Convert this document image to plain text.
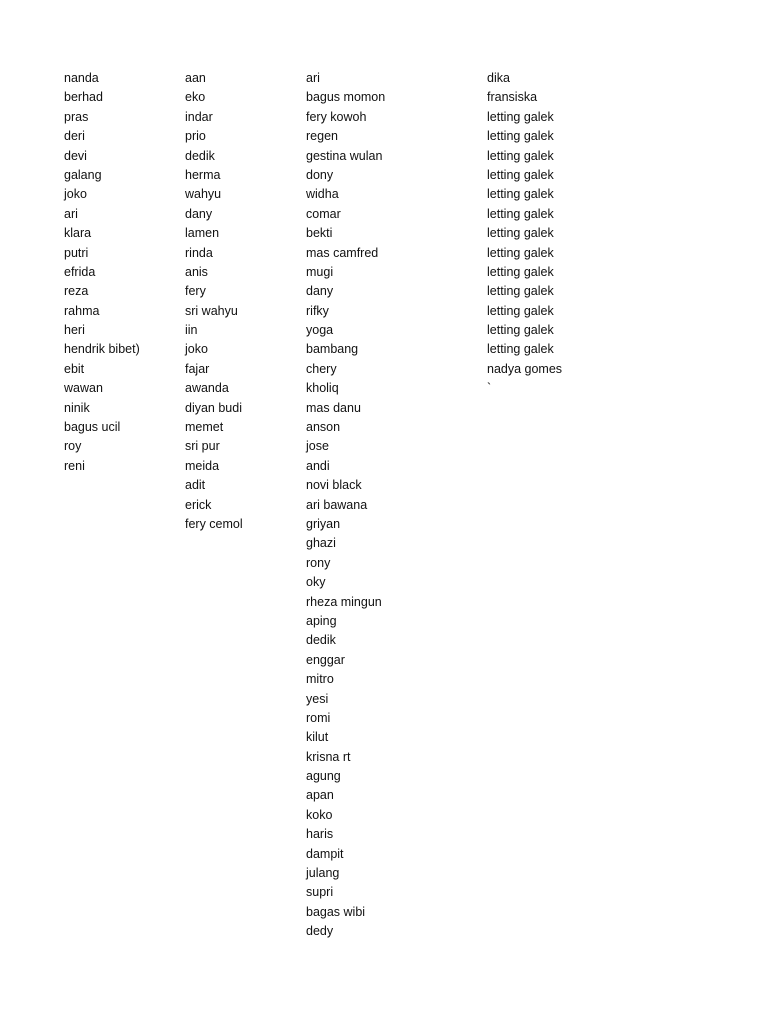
nanda
berhad
pras
deri
devi
galang
joko
ari
klara
putri
efrida
reza
rahma
heri
hendrik bibet)
ebit
wawan
ninik
bagus ucil
roy
reni
aan
eko
indar
prio
dedik
herma
wahyu
dany
lamen
rinda
anis
fery
sri wahyu
iin
joko
fajar
awanda
diyan budi
memet
sri pur
meida
adit
erick
fery cemol
ari
bagus momon
fery kowoh
regen
gestina wulan
dony
widha
comar
bekti
mas camfred
mugi
dany
rifky
yoga
bambang
chery
kholiq
mas danu
anson
jose
andi
novi black
ari bawana
griyan
ghazi
rony
oky
rheza mingun
aping
dedik
enggar
mitro
yesi
romi
kilut
krisna rt
agung
apan
koko
haris
dampit
julang
supri
bagas wibi
dedy
dika
fransiska
letting galek
letting galek
letting galek
letting galek
letting galek
letting galek
letting galek
letting galek
letting galek
letting galek
letting galek
letting galek
letting galek
nadya gomes
`
